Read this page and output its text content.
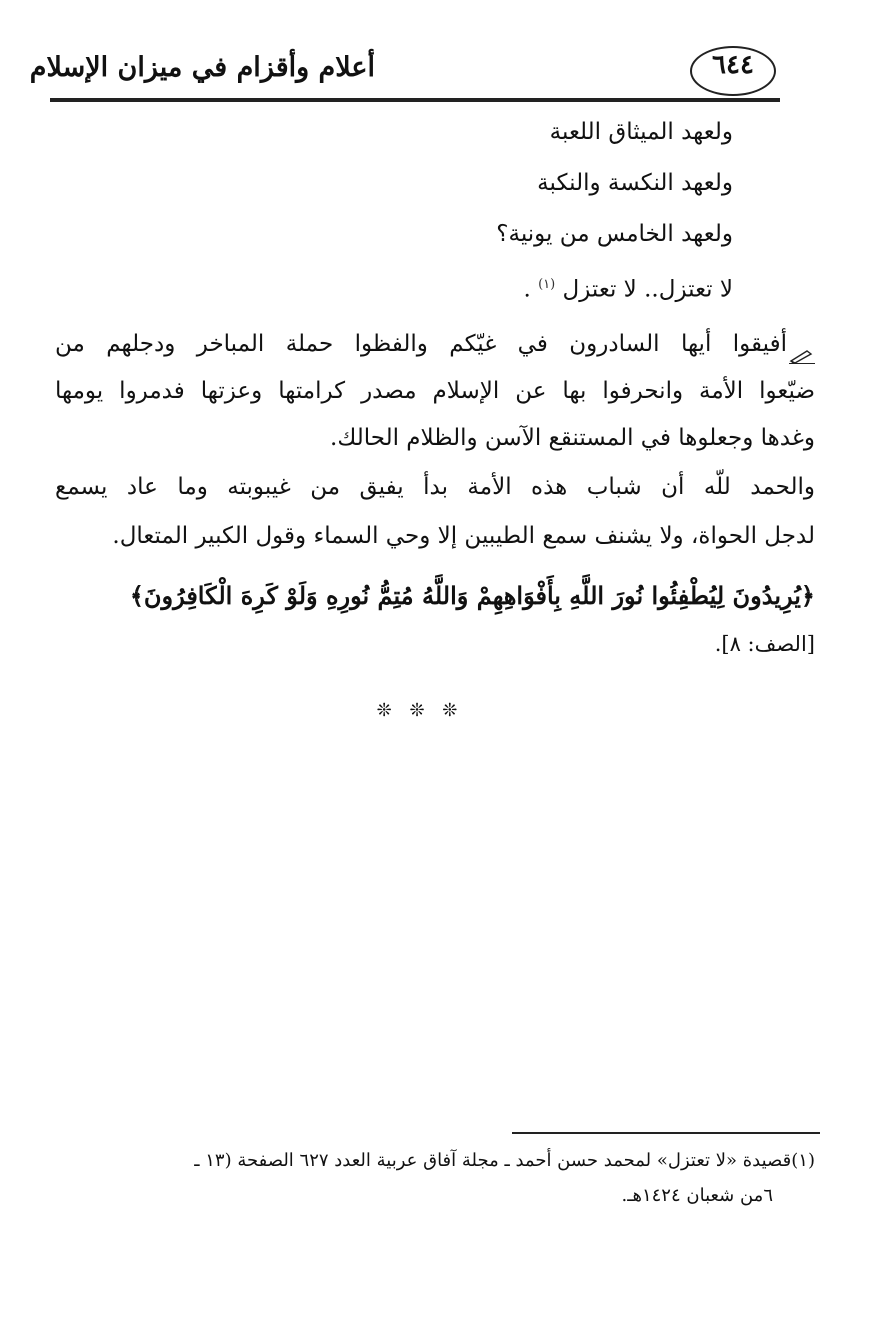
٦٤٤
أعلام وأقزام في ميزان الإسلام
ولعهد الميثاق اللعبة
ولعهد النكسة والنكبة
ولعهد الخامس من يونية؟
لا تعتزل.. لا تعتزل $^{(١)}$ .
أفيقوا أيها السادرون في غيّكم والفظوا حملة المباخر ودجلهم من
ضيّعوا الأمة وانحرفوا بها عن الإسلام مصدر كرامتها وعزتها فدمروا يومها
وغدها وجعلوها في المستنقع الآسن والظلام الحالك.
والحمد للّه أن شباب هذه الأمة بدأ يفيق من غيبوبته وما عاد يسمع
لدجل الحواة، ولا يشنف سمع الطيبين إلا وحي السماء وقول الكبير المتعال.
﴿يُرِيدُونَ لِيُطْفِئُوا نُورَ اللَّهِ بِأَفْوَاهِهِمْ وَاللَّهُ مُتِمُّ نُورِهِ وَلَوْ كَرِهَ الْكَافِرُونَ﴾
[الصف: ٨].
❊ ❊ ❊
(١)قصيدة «لا تعتزل» لمحمد حسن أحمد ـ مجلة آفاق عربية العدد ٦٢٧ الصفحة (١٣ ـ
٦من شعبان ١٤٢٤هـ.
